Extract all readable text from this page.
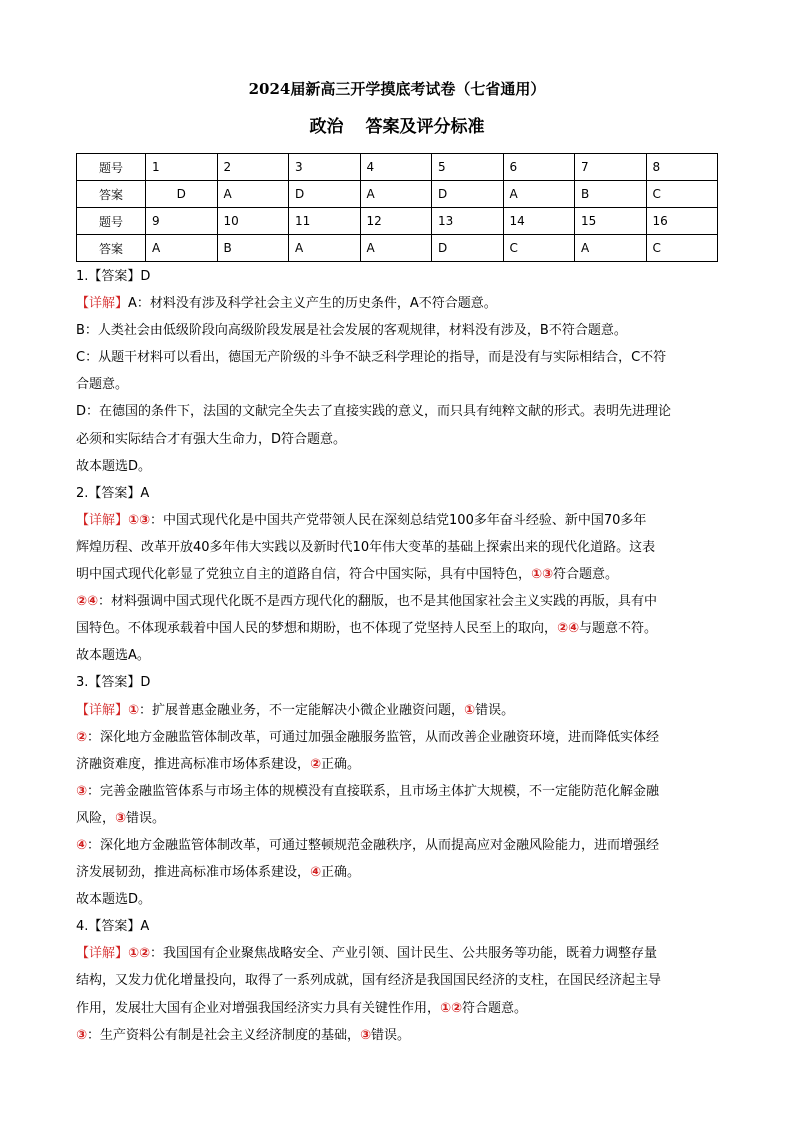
2024届新高三开学摸底考试卷（七省通用）
政治 答案及评分标准
题号	1	2	3	4	5	6	7	8
答案	D	A	D	A	D	A	B	C
题号	9	10	11	12	13	14	15	16
答案	A	B	A	A	D	C	A	C
1.【答案】D
【详解】A：材料没有涉及科学社会主义产生的历史条件，A不符合题意。
B：人类社会由低级阶段向高级阶段发展是社会发展的客观规律，材料没有涉及，B不符合题意。
C：从题干材料可以看出，德国无产阶级的斗争不缺乏科学理论的指导，而是没有与实际相结合，C不符
合题意。
D：在德国的条件下，法国的文献完全失去了直接实践的意义，而只具有纯粹文献的形式。表明先进理论
必须和实际结合才有强大生命力，D符合题意。
故本题选D。
2.【答案】A
【详解】①③：中国式现代化是中国共产党带领人民在深刻总结党100多年奋斗经验、新中国70多年
辉煌历程、改革开放40多年伟大实践以及新时代10年伟大变革的基础上探索出来的现代化道路。这表
明中国式现代化彰显了党独立自主的道路自信，符合中国实际，具有中国特色，①③符合题意。
②④：材料强调中国式现代化既不是西方现代化的翻版，也不是其他国家社会主义实践的再版，具有中
国特色。不体现承载着中国人民的梦想和期盼，也不体现了党坚持人民至上的取向，②④与题意不符。
故本题选A。
3.【答案】D
【详解】①：扩展普惠金融业务，不一定能解决小微企业融资问题，①错误。
②：深化地方金融监管体制改革，可通过加强金融服务监管，从而改善企业融资环境，进而降低实体经
济融资难度，推进高标准市场体系建设，②正确。
③：完善金融监管体系与市场主体的规模没有直接联系，且市场主体扩大规模，不一定能防范化解金融
风险，③错误。
④：深化地方金融监管体制改革，可通过整顿规范金融秩序，从而提高应对金融风险能力，进而增强经
济发展韧劲，推进高标准市场体系建设，④正确。
故本题选D。
4.【答案】A
【详解】①②：我国国有企业聚焦战略安全、产业引领、国计民生、公共服务等功能，既着力调整存量
结构，又发力优化增量投向，取得了一系列成就，国有经济是我国国民经济的支柱，在国民经济起主导
作用，发展壮大国有企业对增强我国经济实力具有关键性作用，①②符合题意。
③：生产资料公有制是社会主义经济制度的基础，③错误。
